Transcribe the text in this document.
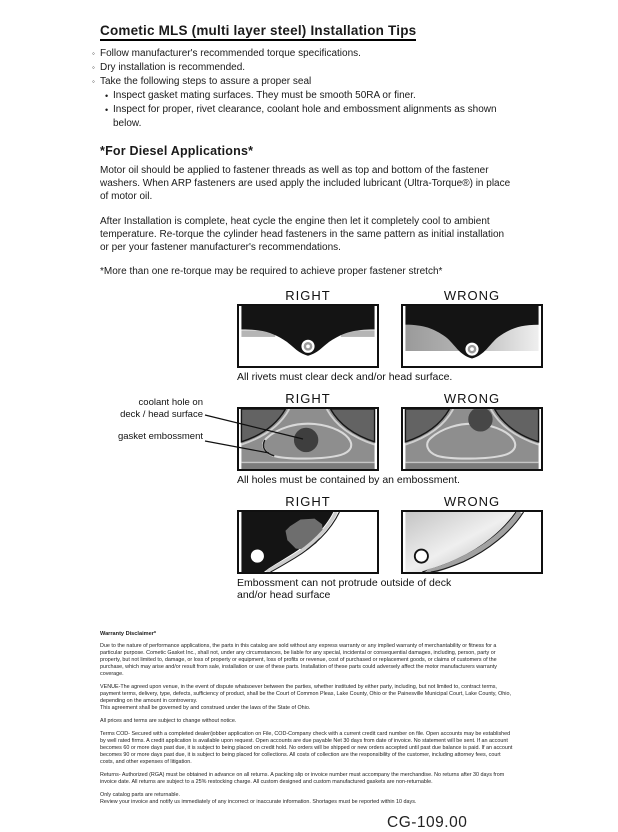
Cometic MLS (multi layer steel) Installation Tips
◦ Follow manufacturer's recommended torque specifications.
◦ Dry installation is recommended.
◦ Take the following steps to assure a proper seal
• Inspect gasket mating surfaces. They must be smooth 50RA or finer.
• Inspect for proper, rivet clearance, coolant hole and embossment alignments as shown below.
*For Diesel Applications*

Motor oil should be applied to fastener threads as well as top and bottom of the fastener washers. When ARP fasteners are used apply the included lubricant (Ultra-Torque®) in place of motor oil.

After Installation is complete, heat cycle the engine then let it completely cool to ambient temperature. Re-torque the cylinder head fasteners in the same pattern as initial installation or per your fastener manufacturer's recommendations.

*More than one re-torque may be required to achieve proper fastener stretch*

RIGHT	WRONG
All rivets must clear deck and/or head surface.
coolant hole on
deck / head surface
gasket embossment
RIGHT	WRONG
All holes must be contained by an embossment.
RIGHT	WRONG
Embossment can not protrude outside of deck and/or head surface
Warranty Disclaimer*

Due to the nature of performance applications, the parts in this catalog are sold without any express warranty or any implied warranty of merchantability or fitness for a particular purpose. Cometic Gasket Inc., shall not, under any circumstances, be liable for any special, incidental or consequential damages, including, person, party or property, but not limited to, damage, or loss of property or equipment, loss of profits or revenue, cost of purchased or replacement goods, or claims of customers of the purchase, which may arise and/or result from sale, installation or use of these parts. Installation of these parts could adversely affect the motor manufacturers warranty coverage.

VENUE-The agreed upon venue, in the event of dispute whatsoever between the parties, whether instituted by either party, including, but not limited to, contract terms, payment terms, delivery, type, defects, sufficiency of product, shall be the Court of Common Pleas, Lake County, Ohio or the Painesville Municipal Court, Lake County, Ohio, depending on the amount in controversy.
This agreement shall be governed by and construed under the laws of the State of Ohio.

All prices and terms are subject to change without notice.

Terms COD- Secured with a completed dealer/jobber application on File, COD-Company check with a current credit card number on file. Open accounts may be established by well rated firms. A credit application is available upon request. Open accounts are due payable Net 30 days from date of invoice. No statement will be sent. If an account becomes 60 or more days past due, it is subject to being placed on credit hold. No orders will be shipped or new orders accepted until past due balance is paid. If an account becomes 90 or more days past due, it is subject to being placed for collections. All costs of collection are the responsibility of the customer, including attorney fees, court costs, and other expenses of litigation.

Returns- Authorized (RGA) must be obtained in advance on all returns. A packing slip or invoice number must accompany the merchandise. No returns after 30 days from invoice date. All returns are subject to a 25% restocking charge. All custom designed and custom manufactured gaskets are non-returnable.

Only catalog parts are returnable.
Review your invoice and notify us immediately of any incorrect or inaccurate information. Shortages must be reported within 10 days.

CG-109.00
